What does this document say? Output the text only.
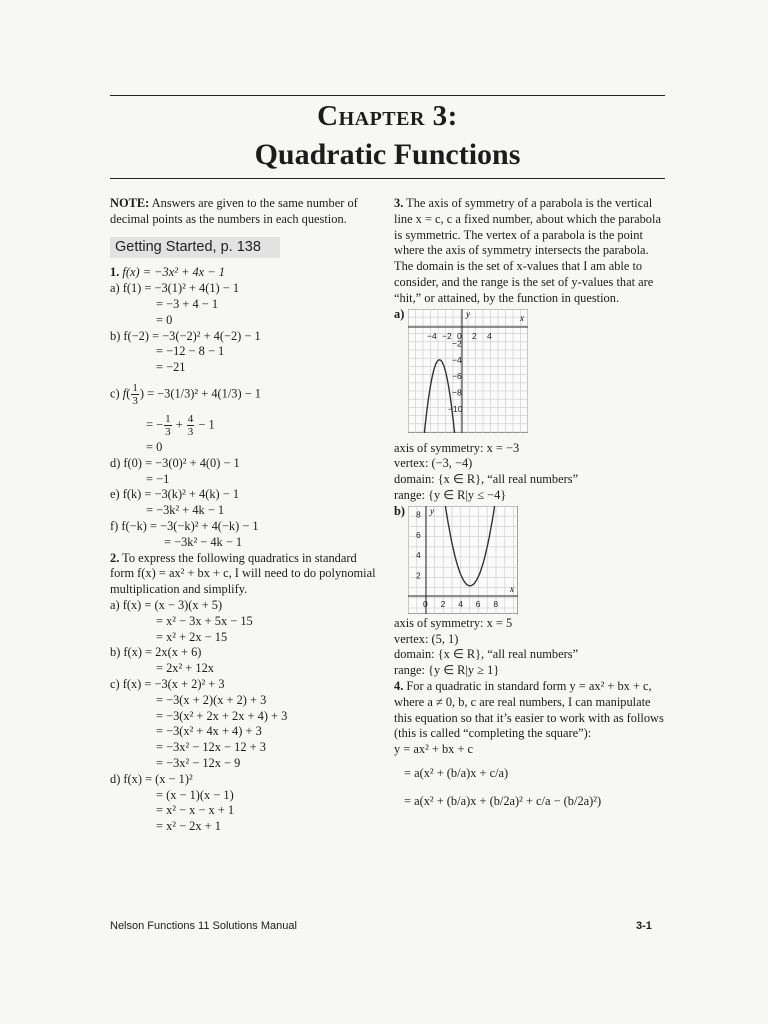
Chapter 3:
Quadratic Functions

NOTE: Answers are given to the same number of decimal points as the numbers in each question.

Getting Started, p. 138

1. f(x) = −3x² + 4x − 1

a) f(1) = −3(1)² + 4(1) − 1

= −3 + 4 − 1

= 0

b) f(−2) = −3(−2)² + 4(−2) − 1

= −12 − 8 − 1

= −21

c) $f( \frac{1}{3}$ ) = −3(1/3)² + 4(1/3) − 1

= − $\frac{1}{3} + \frac{4}{3} - 1$

= 0

d) f(0) = −3(0)² + 4(0) − 1

= −1

e) f(k) = −3(k)² + 4(k) − 1

= −3k² + 4k − 1

f) f(−k) = −3(−k)² + 4(−k) − 1

= −3k² − 4k − 1

2. To express the following quadratics in standard form f(x) = ax² + bx + c, I will need to do polynomial multiplication and simplify.

a) f(x) = (x − 3)(x + 5)

= x² − 3x + 5x − 15

= x² + 2x − 15

b) f(x) = 2x(x + 6)

= 2x² + 12x

c) f(x) = −3(x + 2)² + 3

= −3(x + 2)(x + 2) + 3

= −3(x² + 2x + 2x + 4) + 3

= −3(x² + 4x + 4) + 3

= −3x² − 12x − 12 + 3

= −3x² − 12x − 9

d) f(x) = (x − 1)²

= (x − 1)(x − 1)

= x² − x − x + 1

= x² − 2x + 1

3. The axis of symmetry of a parabola is the vertical line x = c, c a fixed number, about which the parabola is symmetric. The vertex of a parabola is the point where the axis of symmetry intersects the parabola. The domain is the set of x-values that I am able to consider, and the range is the set of y-values that are “hit,” or attained, by the function in question.

a)	x
y
−4 −2 0 2 4
−2
−4
−6
−8
−10

axis of symmetry: x = −3

vertex: (−3, −4)

domain: {x ∈ R}, “all real numbers”

range: {y ∈ R|y ≤ −4}

b)
x
y
0 2 4 6 8
2
4
6
8

axis of symmetry: x = 5

vertex: (5, 1)

domain: {x ∈ R}, “all real numbers”

range: {y ∈ R|y ≥ 1}

4. For a quadratic in standard form y = ax² + bx + c, where a ≠ 0, b, c are real numbers, I can manipulate this equation so that it’s easier to work with as follows (this is called “completing the square”):

y = ax² + bx + c

= a(x² + (b/a)x + c/a)

= a(x² + (b/a)x + (b/2a)² + c/a − (b/2a)²)

Nelson Functions 11 Solutions Manual	3-1
